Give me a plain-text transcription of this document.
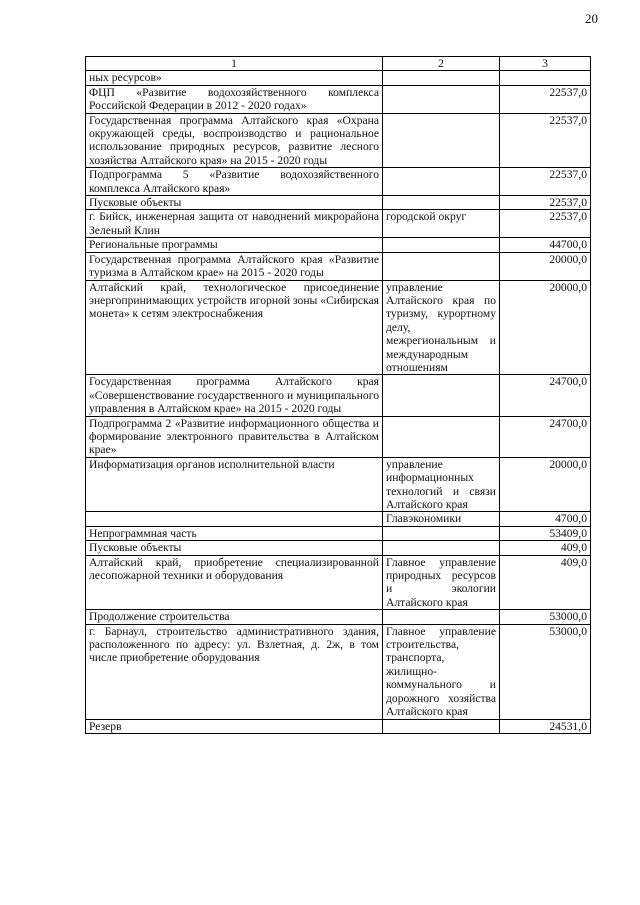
20
1	2	3
ных ресурсов»		
ФЦП «Развитие водохозяйственного комплекса Российской Федерации в 2012 - 2020 годах»		22537,0
Государственная программа Алтайского края «Охрана окружающей среды, воспроизводство и рациональное использование природных ресурсов, развитие лесного хозяйства Алтайского края» на 2015 - 2020 годы		22537,0
Подпрограмма 5 «Развитие водохозяйственного комплекса Алтайского края»		22537,0
Пусковые объекты		22537,0
г. Бийск, инженерная защита от наводнений микрорайона Зеленый Клин	городской округ	22537,0
Региональные программы		44700,0
Государственная программа Алтайского края «Развитие туризма в Алтайском крае» на 2015 - 2020 годы		20000,0
Алтайский край, технологическое присоединение энергопринимающих устройств игорной зоны «Сибирская монета» к сетям электроснабжения	управление Алтайского края по туризму, курортному делу, межрегиональным и международным отношениям	20000,0
Государственная программа Алтайского края «Совершенствование государственного и муниципального управления в Алтайском крае» на 2015 - 2020 годы		24700,0
Подпрограмма 2 «Развитие информационного общества и формирование электронного правительства в Алтайском крае»		24700,0
Информатизация органов исполнительной власти	управление информационных технологий и связи Алтайского края	20000,0
	Главэкономики	4700,0
Непрограммная часть		53409,0
Пусковые объекты		409,0
Алтайский край, приобретение специализированной лесопожарной техники и оборудования	Главное управление природных ресурсов и экологии Алтайского края	409,0
Продолжение строительства		53000,0
г. Барнаул, строительство административного здания, расположенного по адресу: ул. Взлетная, д. 2ж, в том числе приобретение оборудования	Главное управление строительства, транспорта, жилищно-коммунального и дорожного хозяйства Алтайского края	53000,0
Резерв		24531,0
